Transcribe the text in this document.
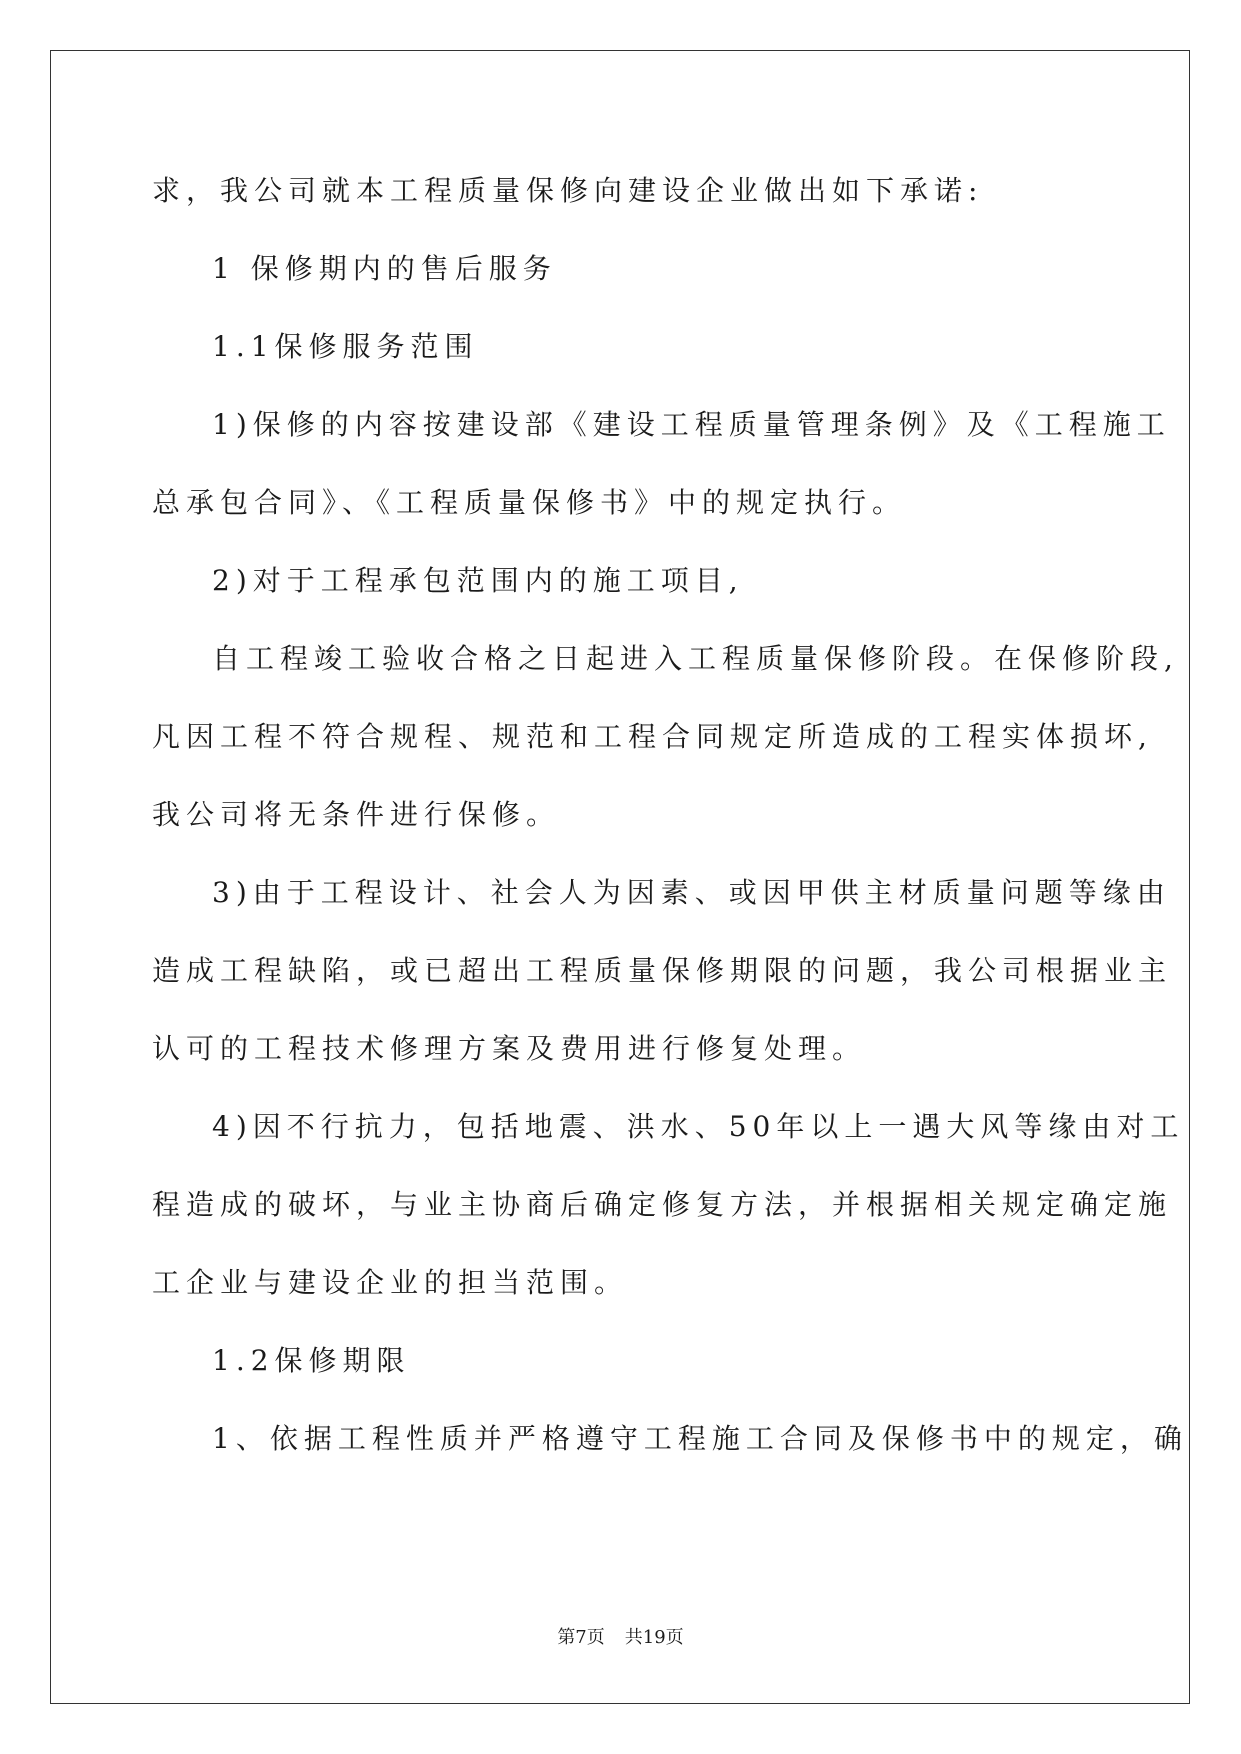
求，我公司就本工程质量保修向建设企业做出如下承诺:
1 保修期内的售后服务
1.1保修服务范围
1)保修的内容按建设部《建设工程质量管理条例》及《工程施工
总承包合同》、《工程质量保修书》中的规定执行。
2)对于工程承包范围内的施工项目,
自工程竣工验收合格之日起进入工程质量保修阶段。在保修阶段,
凡因工程不符合规程、规范和工程合同规定所造成的工程实体损坏,
我公司将无条件进行保修。
3)由于工程设计、社会人为因素、或因甲供主材质量问题等缘由
造成工程缺陷，或已超出工程质量保修期限的问题，我公司根据业主
认可的工程技术修理方案及费用进行修复处理。
4)因不行抗力，包括地震、洪水、50年以上一遇大风等缘由对工
程造成的破坏，与业主协商后确定修复方法，并根据相关规定确定施
工企业与建设企业的担当范围。
1.2保修期限
1、依据工程性质并严格遵守工程施工合同及保修书中的规定，确
第7页 共19页
